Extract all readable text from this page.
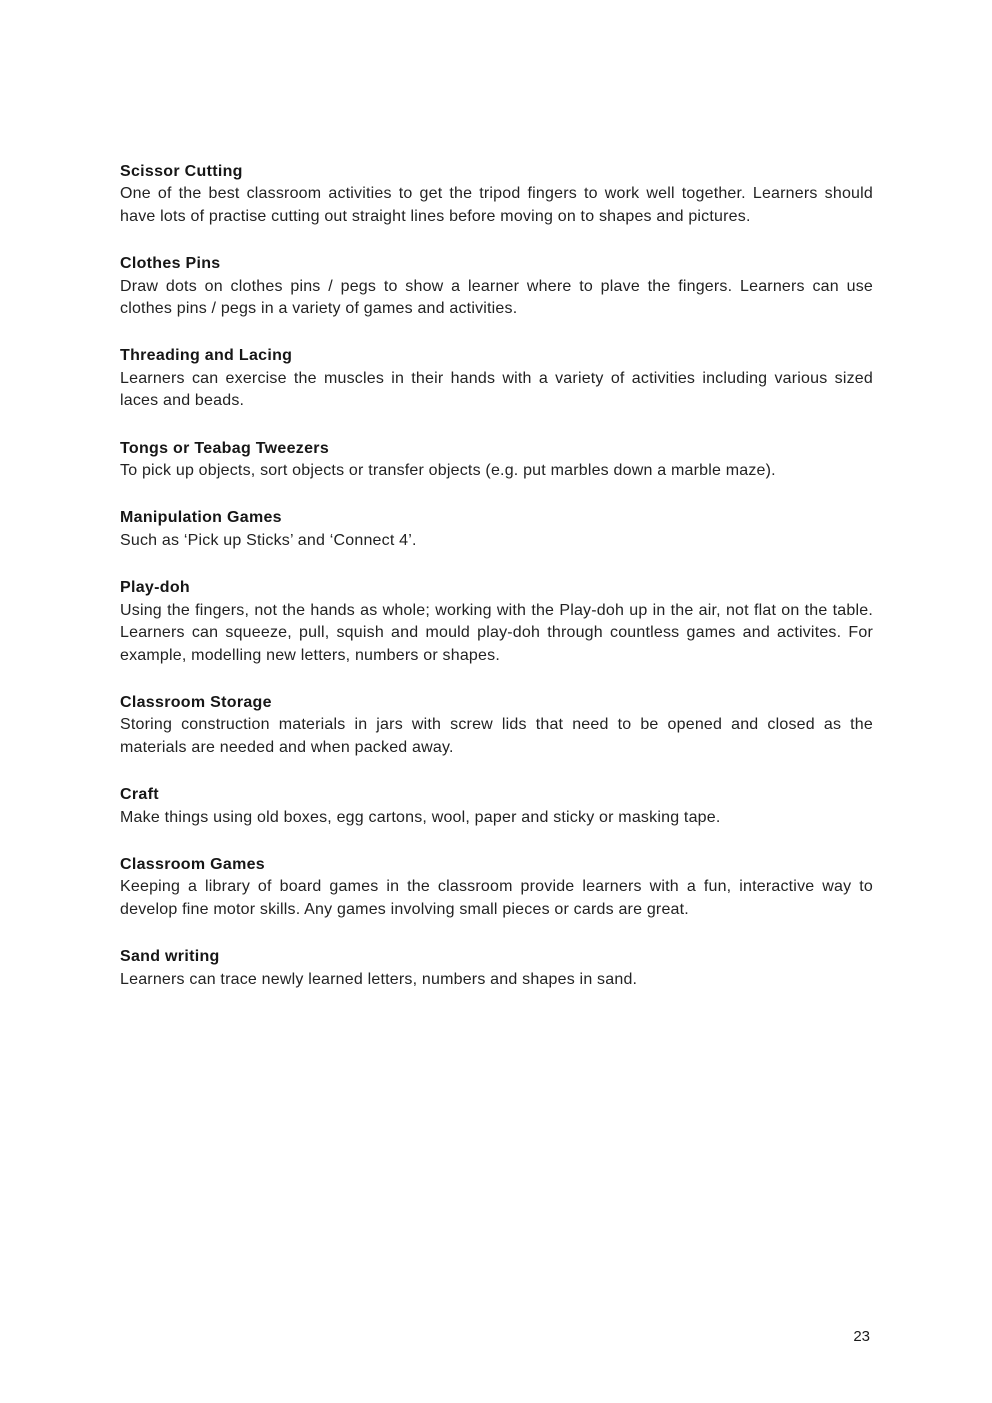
Scissor Cutting

One of the best classroom activities to get the tripod fingers to work well together. Learners should have lots of practise cutting out straight lines before moving on to shapes and pictures.

Clothes Pins

Draw dots on clothes pins / pegs to show a learner where to plave the fingers. Learners can use clothes pins / pegs in a variety of games and activities.

Threading and Lacing

Learners can exercise the muscles in their hands with a variety of activities including various sized laces and beads.

Tongs or Teabag Tweezers

To pick up objects, sort objects or transfer objects (e.g. put marbles down a marble maze).

Manipulation Games

Such as ‘Pick up Sticks’ and ‘Connect 4’.

Play-doh

Using the fingers, not the hands as whole; working with the Play-doh up in the air, not flat on the table. Learners can squeeze, pull, squish and mould play-doh through countless games and activites. For example, modelling new letters, numbers or shapes.

Classroom Storage

Storing construction materials in jars with screw lids that need to be opened and closed as the materials are needed and when packed away.

Craft

Make things using old boxes, egg cartons, wool, paper and sticky or masking tape.

Classroom Games

Keeping a library of board games in the classroom provide learners with a fun, interactive way to develop fine motor skills. Any games involving small pieces or cards are great.

Sand writing

Learners can trace newly learned letters, numbers and shapes in sand.

23
